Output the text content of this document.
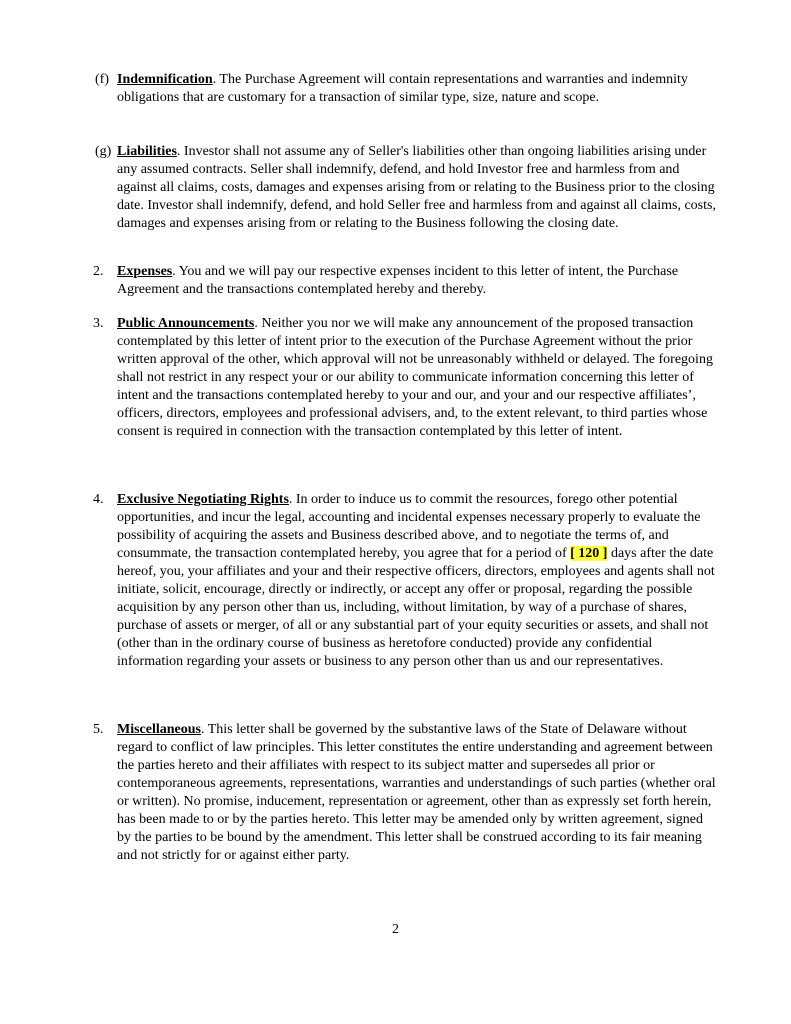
(f) Indemnification. The Purchase Agreement will contain representations and warranties and indemnity obligations that are customary for a transaction of similar type, size, nature and scope.
(g) Liabilities. Investor shall not assume any of Seller's liabilities other than ongoing liabilities arising under any assumed contracts. Seller shall indemnify, defend, and hold Investor free and harmless from and against all claims, costs, damages and expenses arising from or relating to the Business prior to the closing date. Investor shall indemnify, defend, and hold Seller free and harmless from and against all claims, costs, damages and expenses arising from or relating to the Business following the closing date.
2. Expenses. You and we will pay our respective expenses incident to this letter of intent, the Purchase Agreement and the transactions contemplated hereby and thereby.
3. Public Announcements. Neither you nor we will make any announcement of the proposed transaction contemplated by this letter of intent prior to the execution of the Purchase Agreement without the prior written approval of the other, which approval will not be unreasonably withheld or delayed. The foregoing shall not restrict in any respect your or our ability to communicate information concerning this letter of intent and the transactions contemplated hereby to your and our, and your and our respective affiliates’, officers, directors, employees and professional advisers, and, to the extent relevant, to third parties whose consent is required in connection with the transaction contemplated by this letter of intent.
4. Exclusive Negotiating Rights. In order to induce us to commit the resources, forego other potential opportunities, and incur the legal, accounting and incidental expenses necessary properly to evaluate the possibility of acquiring the assets and Business described above, and to negotiate the terms of, and consummate, the transaction contemplated hereby, you agree that for a period of [ 120 ] days after the date hereof, you, your affiliates and your and their respective officers, directors, employees and agents shall not initiate, solicit, encourage, directly or indirectly, or accept any offer or proposal, regarding the possible acquisition by any person other than us, including, without limitation, by way of a purchase of shares, purchase of assets or merger, of all or any substantial part of your equity securities or assets, and shall not (other than in the ordinary course of business as heretofore conducted) provide any confidential information regarding your assets or business to any person other than us and our representatives.
5. Miscellaneous. This letter shall be governed by the substantive laws of the State of Delaware without regard to conflict of law principles. This letter constitutes the entire understanding and agreement between the parties hereto and their affiliates with respect to its subject matter and supersedes all prior or contemporaneous agreements, representations, warranties and understandings of such parties (whether oral or written). No promise, inducement, representation or agreement, other than as expressly set forth herein, has been made to or by the parties hereto. This letter may be amended only by written agreement, signed by the parties to be bound by the amendment. This letter shall be construed according to its fair meaning and not strictly for or against either party.
2
